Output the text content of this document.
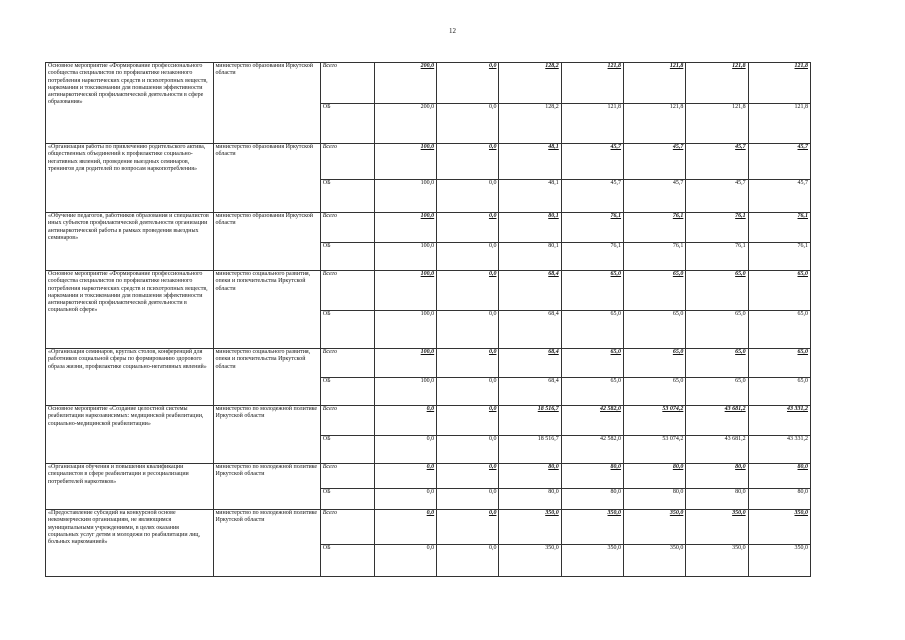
12
Основное мероприятие «Формирование профессионального сообщества специалистов по профилактике незаконного потребления наркотических средств и психотропных веществ, наркомании и токсикомании для повышения эффективности антинаркотической профилактической деятельности в сфере образования»	министерство образования Иркутской области	Всего	200,0	0,0	128,2	121,8	121,8	121,8	121,8
		ОБ	200,0	0,0	128,2	121,8	121,8	121,8	121,8
«Организация работы по привлечению родительского актива, общественных объединений к профилактике социально-негативных явлений, проведение выездных семинаров, тренингов для родителей по вопросам наркопотребления»	министерство образования Иркутской области	Всего	100,0	0,0	48,1	45,7	45,7	45,7	45,7
		ОБ	100,0	0,0	48,1	45,7	45,7	45,7	45,7
«Обучение педагогов, работников образования и специалистов иных субъектов профилактической деятельности организации антинаркотической работы в рамках проведения выездных семинаров»	министерство образования Иркутской области	Всего	100,0	0,0	80,1	76,1	76,1	76,1	76,1
		ОБ	100,0	0,0	80,1	76,1	76,1	76,1	76,1
Основное мероприятие «Формирование профессионального сообщества специалистов по профилактике незаконного потребления наркотических средств и психотропных веществ, наркомании и токсикомании для повышения эффективности антинаркотической профилактической деятельности в социальной сфере»	министерство социального развития, опеки и попечительства Иркутской области	Всего	100,0	0,0	68,4	65,0	65,0	65,0	65,0
		ОБ	100,0	0,0	68,4	65,0	65,0	65,0	65,0
«Организация семинаров, круглых столов, конференций для работников социальной сферы по формированию здорового образа жизни, профилактике социально-негативных явлений»	министерство социального развития, опеки и попечительства Иркутской области	Всего	100,0	0,0	68,4	65,0	65,0	65,0	65,0
		ОБ	100,0	0,0	68,4	65,0	65,0	65,0	65,0
Основное мероприятие «Создание целостной системы реабилитации наркозависимых: медицинской реабилитации, социально-медицинской реабилитации»	министерство по молодежной политике Иркутской области	Всего	0,0	0,0	18 516,7	42 582,0	53 074,2	43 681,2	43 331,2
		ОБ	0,0	0,0	18 516,7	42 582,0	53 074,2	43 681,2	43 331,2
«Организация обучения и повышения квалификации специалистов в сфере реабилитации и ресоциализации потребителей наркотиков»	министерство по молодежной политике Иркутской области	Всего	0,0	0,0	80,0	80,0	80,0	80,0	80,0
		ОБ	0,0	0,0	80,0	80,0	80,0	80,0	80,0
«Предоставление субсидий на конкурсной основе некоммерческим организациям, не являющимся муниципальными учреждениями, в целях оказания социальных услуг детям и молодежи по реабилитации лиц, больных наркоманией»	министерство по молодежной политике Иркутской области	Всего	0,0	0,0	350,0	350,0	350,0	350,0	350,0
		ОБ	0,0	0,0	350,0	350,0	350,0	350,0	350,0
